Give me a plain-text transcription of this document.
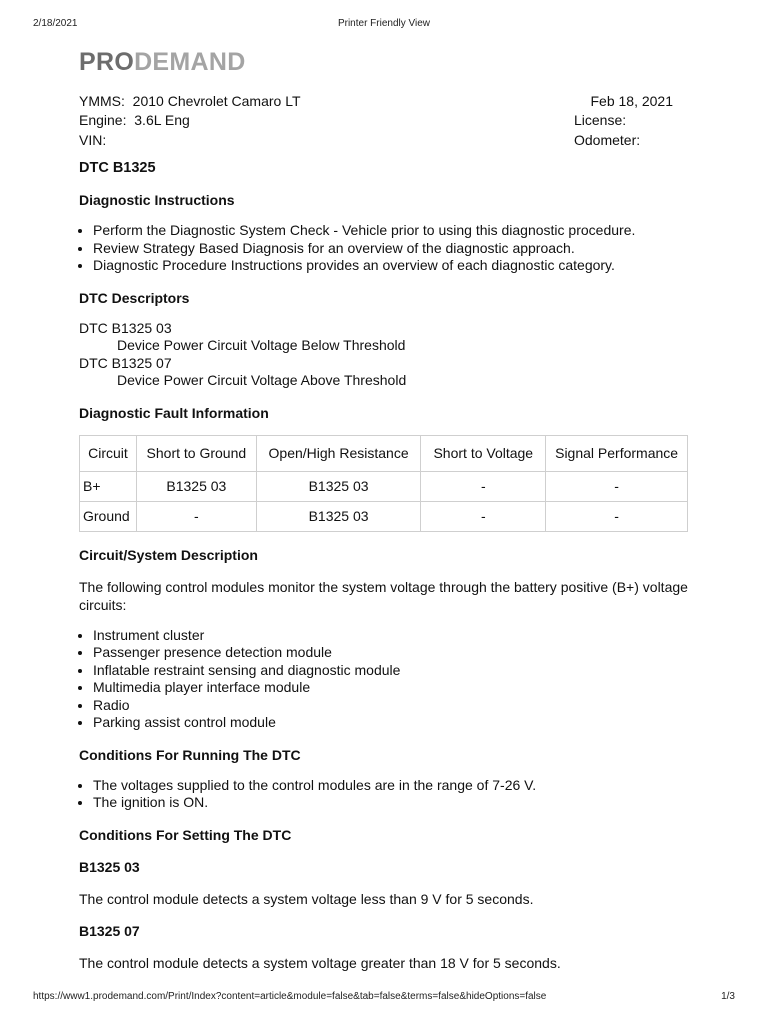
2/18/2021	Printer Friendly View
PRODEMAND
YMMS: 2010 Chevrolet Camaro LT
Engine: 3.6L Eng
VIN:
Feb 18, 2021
License:
Odometer:
DTC B1325
Diagnostic Instructions
• Perform the Diagnostic System Check - Vehicle prior to using this diagnostic procedure.
• Review Strategy Based Diagnosis for an overview of the diagnostic approach.
• Diagnostic Procedure Instructions provides an overview of each diagnostic category.
DTC Descriptors
DTC B1325 03
Device Power Circuit Voltage Below Threshold
DTC B1325 07
Device Power Circuit Voltage Above Threshold
Diagnostic Fault Information
Circuit	Short to Ground	Open/High Resistance	Short to Voltage	Signal Performance
B+	B1325 03	B1325 03	-	-
Ground	-	B1325 03	-	-
Circuit/System Description

The following control modules monitor the system voltage through the battery positive (B+) voltage circuits:

• Instrument cluster
• Passenger presence detection module
• Inflatable restraint sensing and diagnostic module
• Multimedia player interface module
• Radio
• Parking assist control module
Conditions For Running The DTC
• The voltages supplied to the control modules are in the range of 7-26 V.
• The ignition is ON.
Conditions For Setting The DTC
B1325 03

The control module detects a system voltage less than 9 V for 5 seconds.

B1325 07

The control module detects a system voltage greater than 18 V for 5 seconds.

https://www1.prodemand.com/Print/Index?content=article&module=false&tab=false&terms=false&hideOptions=false	1/3
